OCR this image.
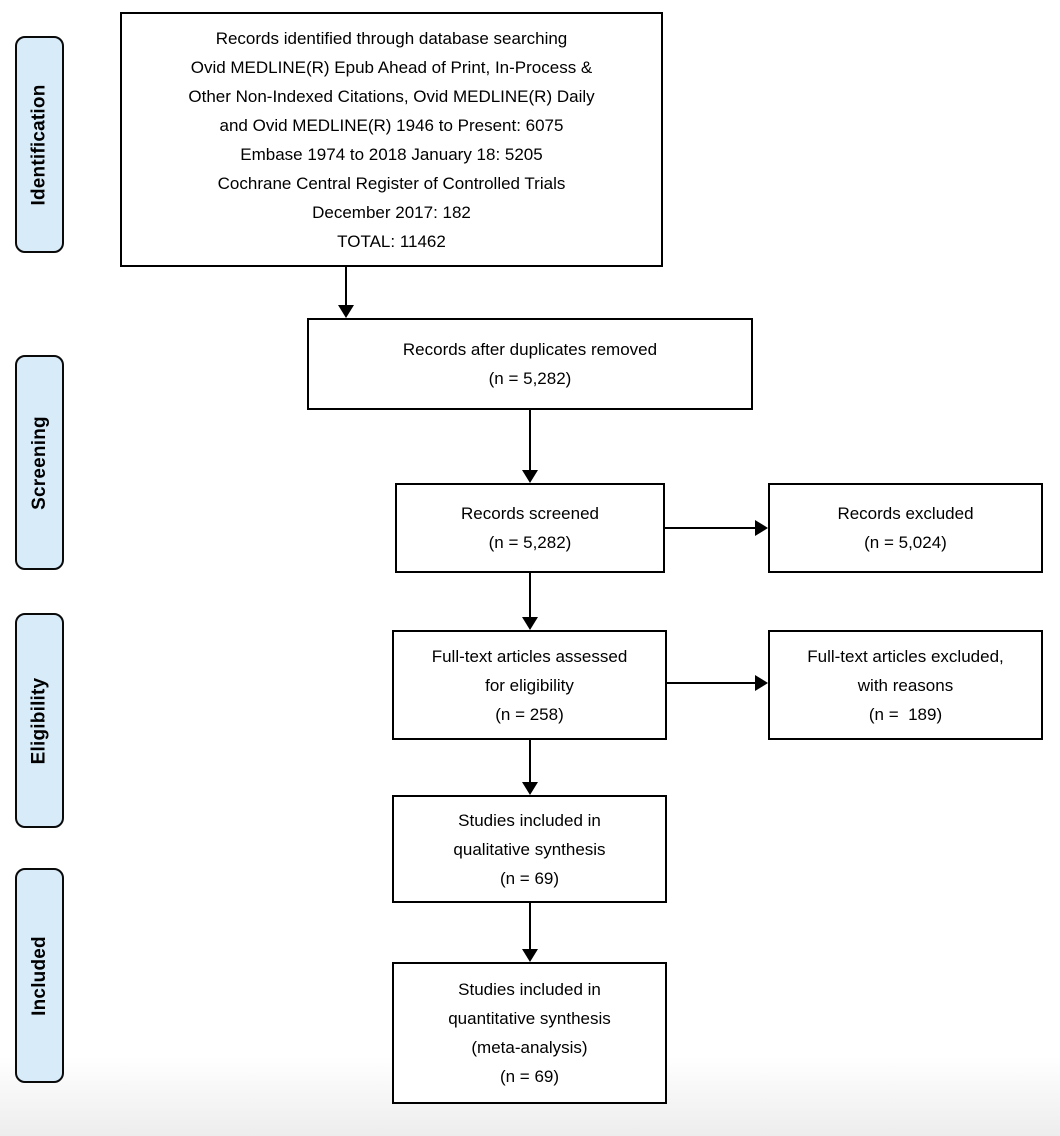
Identification
Screening
Eligibility
Included
Records identified through database searching
Ovid MEDLINE(R) Epub Ahead of Print, In-Process &
Other Non-Indexed Citations, Ovid MEDLINE(R) Daily
and Ovid MEDLINE(R) 1946 to Present: 6075
Embase 1974 to 2018 January 18: 5205
Cochrane Central Register of Controlled Trials
December 2017: 182
TOTAL: 11462
Records after duplicates removed
(n = 5,282)
Records screened
(n = 5,282)
Records excluded
(n = 5,024)
Full-text articles assessed
for eligibility
(n = 258)
Full-text articles excluded,
with reasons
(n =  189)
Studies included in
qualitative synthesis
(n = 69)
Studies included in
quantitative synthesis
(meta-analysis)
(n = 69)
